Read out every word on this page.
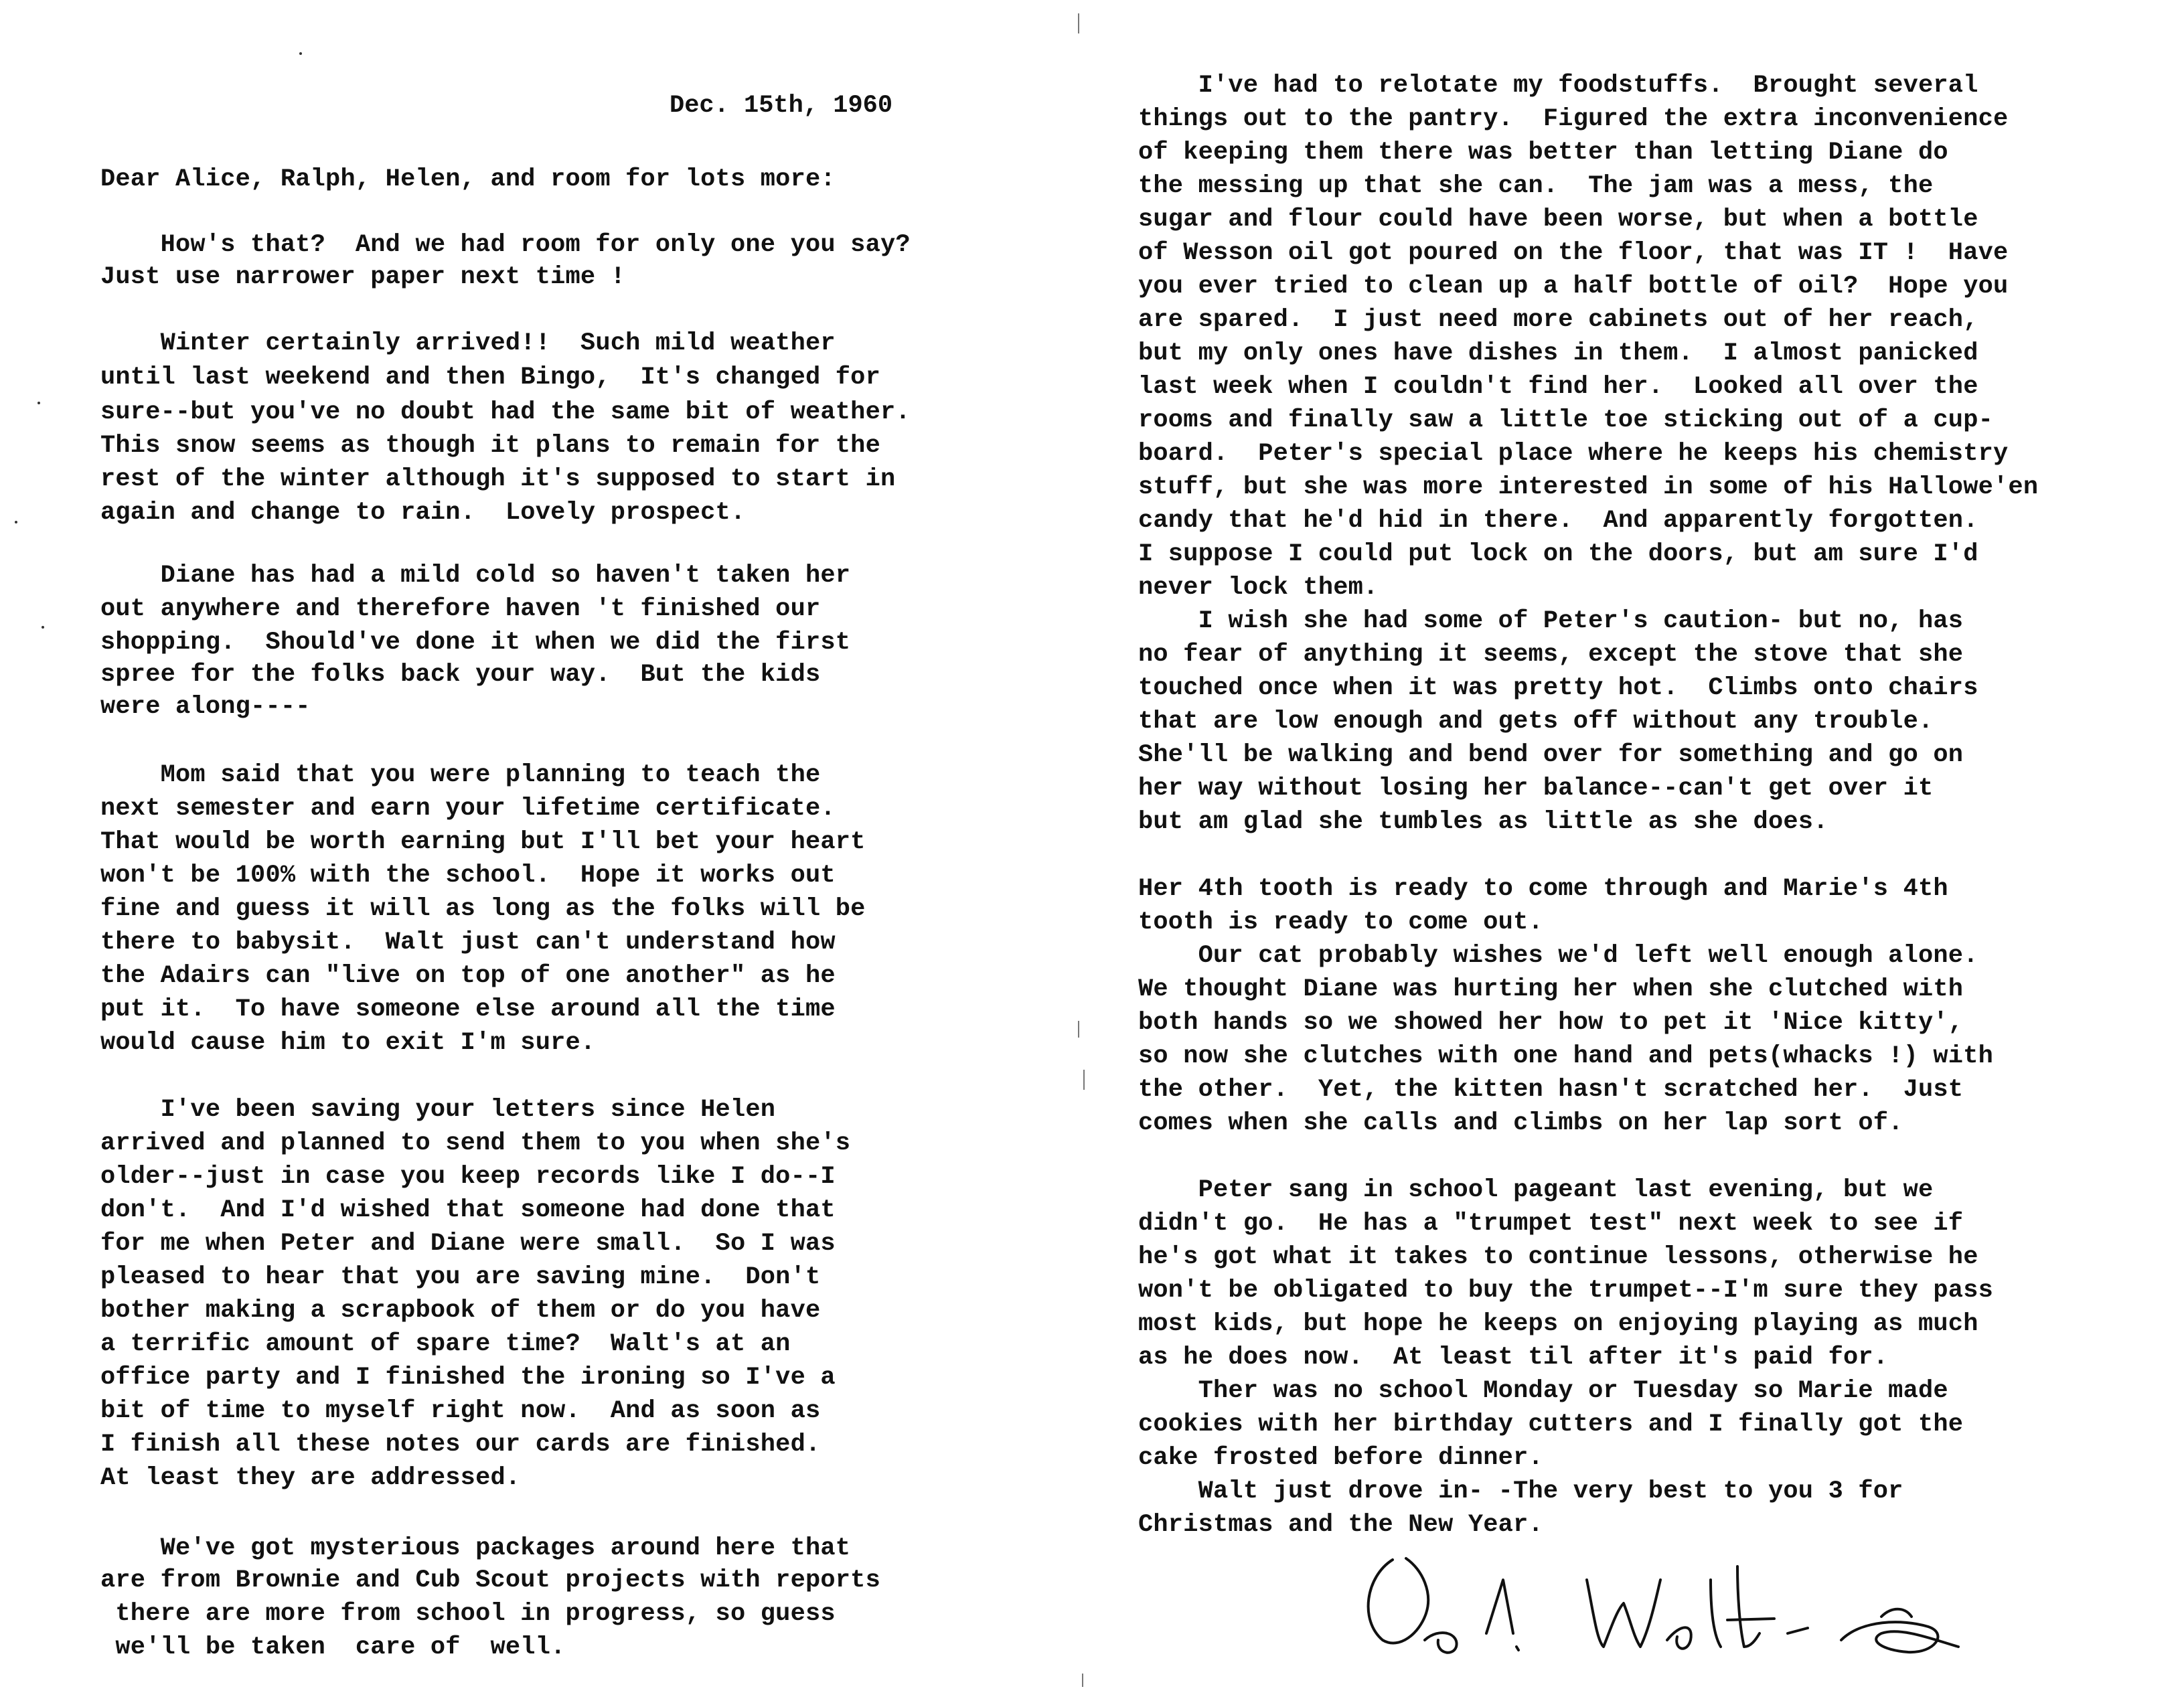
Dec. 15th, 1960
Dear Alice, Ralph, Helen, and room for lots more:
How's that?  And we had room for only one you say?
Just use narrower paper next time !
Winter certainly arrived!!  Such mild weather
until last weekend and then Bingo,  It's changed for
sure--but you've no doubt had the same bit of weather.
This snow seems as though it plans to remain for the
rest of the winter although it's supposed to start in
again and change to rain.  Lovely prospect.
Diane has had a mild cold so haven't taken her
out anywhere and therefore haven 't finished our
shopping.  Should've done it when we did the first
spree for the folks back your way.  But the kids
were along----
Mom said that you were planning to teach the
next semester and earn your lifetime certificate.
That would be worth earning but I'll bet your heart
won't be 100% with the school.  Hope it works out
fine and guess it will as long as the folks will be
there to babysit.  Walt just can't understand how
the Adairs can "live on top of one another" as he
put it.  To have someone else around all the time
would cause him to exit I'm sure.
I've been saving your letters since Helen
arrived and planned to send them to you when she's
older--just in case you keep records like I do--I
don't.  And I'd wished that someone had done that
for me when Peter and Diane were small.  So I was
pleased to hear that you are saving mine.  Don't
bother making a scrapbook of them or do you have
a terrific amount of spare time?  Walt's at an
office party and I finished the ironing so I've a
bit of time to myself right now.  And as soon as
I finish all these notes our cards are finished.
At least they are addressed.
We've got mysterious packages around here that
are from Brownie and Cub Scout projects with reports
there are more from school in progress, so guess
we'll be taken  care of  well.
I've had to relotate my foodstuffs.  Brought several
things out to the pantry.  Figured the extra inconvenience
of keeping them there was better than letting Diane do
the messing up that she can.  The jam was a mess, the
sugar and flour could have been worse, but when a bottle
of Wesson oil got poured on the floor, that was IT !  Have
you ever tried to clean up a half bottle of oil?  Hope you
are spared.  I just need more cabinets out of her reach,
but my only ones have dishes in them.  I almost panicked
last week when I couldn't find her.  Looked all over the
rooms and finally saw a little toe sticking out of a cup-
board.  Peter's special place where he keeps his chemistry
stuff, but she was more interested in some of his Hallowe'en
candy that he'd hid in there.  And apparently forgotten.
I suppose I could put lock on the doors, but am sure I'd
never lock them.
I wish she had some of Peter's caution- but no, has
no fear of anything it seems, except the stove that she
touched once when it was pretty hot.  Climbs onto chairs
that are low enough and gets off without any trouble.
She'll be walking and bend over for something and go on
her way without losing her balance--can't get over it
but am glad she tumbles as little as she does.
Her 4th tooth is ready to come through and Marie's 4th
tooth is ready to come out.
Our cat probably wishes we'd left well enough alone.
We thought Diane was hurting her when she clutched with
both hands so we showed her how to pet it 'Nice kitty',
so now she clutches with one hand and pets(whacks !) with
the other.  Yet, the kitten hasn't scratched her.  Just
comes when she calls and climbs on her lap sort of.
Peter sang in school pageant last evening, but we
didn't go.  He has a "trumpet test" next week to see if
he's got what it takes to continue lessons, otherwise he
won't be obligated to buy the trumpet--I'm sure they pass
most kids, but hope he keeps on enjoying playing as much
as he does now.  At least til after it's paid for.
Ther was no school Monday or Tuesday so Marie made
cookies with her birthday cutters and I finally got the
cake frosted before dinner.
Walt just drove in- -The very best to you 3 for
Christmas and the New Year.
